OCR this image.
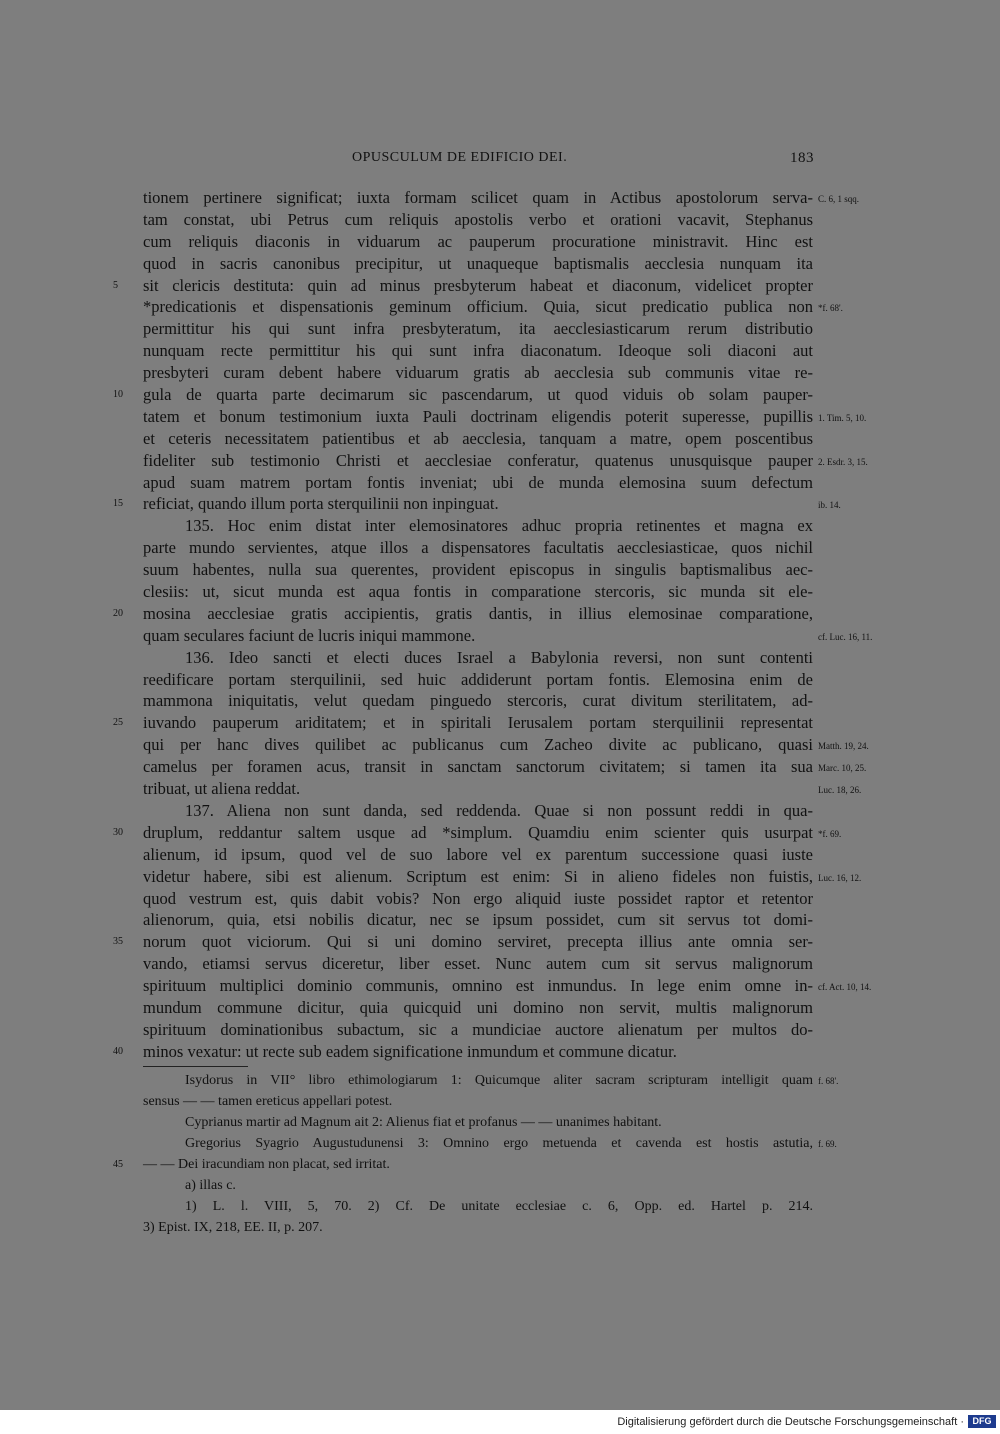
OPUSCULUM DE EDIFICIO DEI.	183
tionem pertinere significat; iuxta formam scilicet quam in Actibus apostolorum serva- C. 6, 1 sqq.
tam constat, ubi Petrus cum reliquis apostolis verbo et orationi vacavit, Stephanus
cum reliquis diaconis in viduarum ac pauperum procuratione ministravit. Hinc est
quod in sacris canonibus precipitur, ut unaqueque baptismalis aecclesia nunquam ita
sit clericis destituta: quin ad minus presbyterum habeat et diaconum, videlicet propter
5
*predicationis et dispensationis geminum officium. Quia, sicut predicatio publica non *f. 68'.
permittitur his qui sunt infra presbyteratum, ita aecclesiasticarum rerum distributio
nunquam recte permittitur his qui sunt infra diaconatum. Ideoque soli diaconi aut
presbyteri curam debent habere viduarum gratis ab aecclesia sub communis vitae re-
gula de quarta parte decimarum sic pascendarum, ut quod viduis ob solam pauper-
10
tatem et bonum testimonium iuxta Pauli doctrinam eligendis poterit superesse, pupillis 1. Tim. 5, 10.
et ceteris necessitatem patientibus et ab aecclesia, tanquam a matre, opem poscentibus
fideliter sub testimonio Christi et aecclesiae conferatur, quatenus unusquisque pauper 2. Esdr. 3, 15.
apud suam matrem portam fontis inveniat; ubi de munda elemosina suum defectum
reficiat, quando illum porta sterquilinii non inpinguat.
15	ib. 14.
135. Hoc enim distat inter elemosinatores adhuc propria retinentes et magna ex
parte mundo servientes, atque illos a dispensatores facultatis aecclesiasticae, quos nichil
suum habentes, nulla sua querentes, provident episcopus in singulis baptismalibus aec-
clesiis: ut, sicut munda est aqua fontis in comparatione stercoris, sic munda sit ele-
mosina aecclesiae gratis accipientis, gratis dantis, in illius elemosinae comparatione,
20
quam seculares faciunt de lucris iniqui mammone.	cf. Luc. 16, 11.
136. Ideo sancti et electi duces Israel a Babylonia reversi, non sunt contenti
reedificare portam sterquilinii, sed huic addiderunt portam fontis. Elemosina enim de
mammona iniquitatis, velut quedam pinguedo stercoris, curat divitum sterilitatem, ad-
iuvando pauperum ariditatem; et in spiritali Ierusalem portam sterquilinii representat
25
qui per hanc dives quilibet ac publicanus cum Zacheo divite ac publicano, quasi Matth. 19, 24.
camelus per foramen acus, transit in sanctam sanctorum civitatem; si tamen ita sua Marc. 10, 25.
tribuat, ut aliena reddat.	Luc. 18, 26.
137. Aliena non sunt danda, sed reddenda. Quae si non possunt reddi in qua-
druplum, reddantur saltem usque ad *simplum. Quamdiu enim scienter quis usurpat
30	*f. 69.
alienum, id ipsum, quod vel de suo labore vel ex parentum successione quasi iuste
videtur habere, sibi est alienum. Scriptum est enim: Si in alieno fideles non fuistis, Luc. 16, 12.
quod vestrum est, quis dabit vobis? Non ergo aliquid iuste possidet raptor et retentor
alienorum, quia, etsi nobilis dicatur, nec se ipsum possidet, cum sit servus tot domi-
norum quot viciorum. Qui si uni domino serviret, precepta illius ante omnia ser-
35
vando, etiamsi servus diceretur, liber esset. Nunc autem cum sit servus malignorum
spirituum multiplici dominio communis, omnino est inmundus. In lege enim omne in- cf. Act. 10, 14.
mundum commune dicitur, quia quicquid uni domino non servit, multis malignorum
spirituum dominationibus subactum, sic a mundiciae auctore alienatum per multos do-
minos vexatur: ut recte sub eadem significatione inmundum et commune dicatur.
40
Isydorus in VII° libro ethimologiarum 1: Quicumque aliter sacram scripturam intelligit quam f. 68'.
sensus — — tamen ereticus appellari potest.
Cyprianus martir ad Magnum ait 2: Alienus fiat et profanus — — unanimes habitant.
Gregorius Syagrio Augustudunensi 3: Omnino ergo metuenda et cavenda est hostis astutia, f. 69.
— — Dei iracundiam non placat, sed irritat.
45
a) illas c.
1) L. l. VIII, 5, 70. 2) Cf. De unitate ecclesiae c. 6, Opp. ed. Hartel p. 214.
3) Epist. IX, 218, EE. II, p. 207.
Digitalisierung gefördert durch die Deutsche Forschungsgemeinschaft · DFG
